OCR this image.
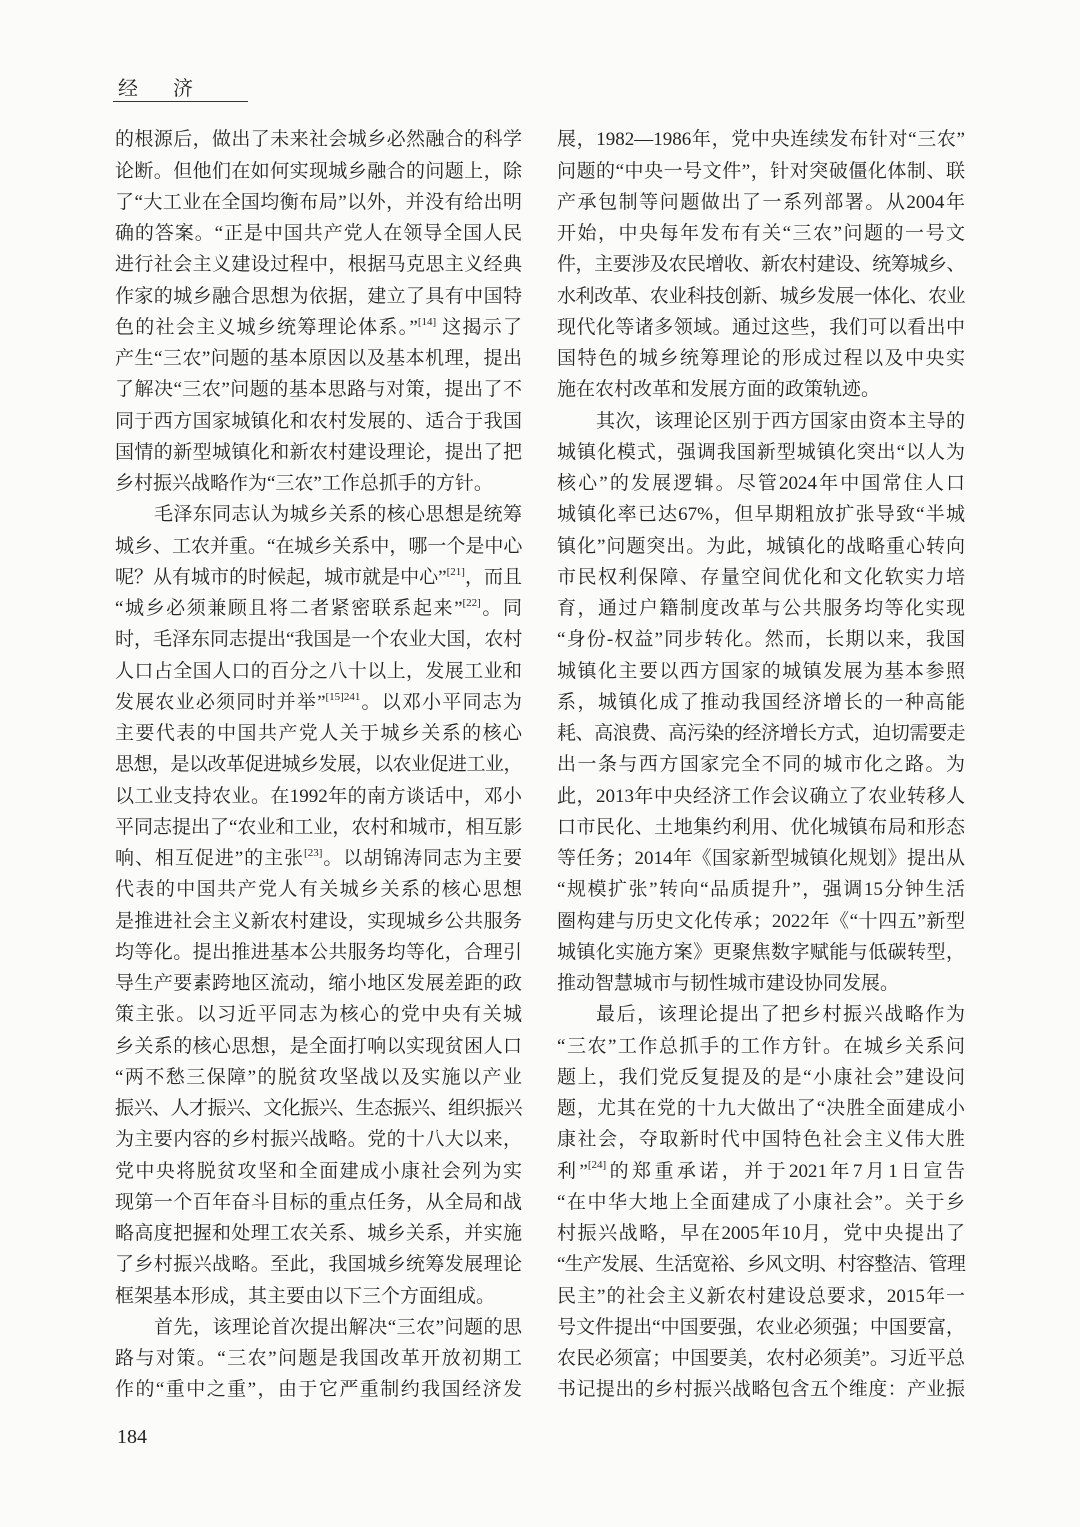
经 济
的根源后，做出了未来社会城乡必然融合的科学
论断。但他们在如何实现城乡融合的问题上，除
了“大工业在全国均衡布局”以外，并没有给出明
确的答案。“正是中国共产党人在领导全国人民
进行社会主义建设过程中，根据马克思主义经典
作家的城乡融合思想为依据，建立了具有中国特
色的社会主义城乡统筹理论体系。”[14] 这揭示了
产生“三农”问题的基本原因以及基本机理，提出
了解决“三农”问题的基本思路与对策，提出了不
同于西方国家城镇化和农村发展的、适合于我国
国情的新型城镇化和新农村建设理论，提出了把
乡村振兴战略作为“三农”工作总抓手的方针。
毛泽东同志认为城乡关系的核心思想是统筹
城乡、工农并重。“在城乡关系中，哪一个是中心
呢？从有城市的时候起，城市就是中心”[21]，而且
“城乡必须兼顾且将二者紧密联系起来”[22]。同
时，毛泽东同志提出“我国是一个农业大国，农村
人口占全国人口的百分之八十以上，发展工业和
发展农业必须同时并举”$^{[15]241}$。以邓小平同志为
主要代表的中国共产党人关于城乡关系的核心
思想，是以改革促进城乡发展，以农业促进工业，
以工业支持农业。在1992年的南方谈话中，邓小
平同志提出了“农业和工业，农村和城市，相互影
响、相互促进”的主张[23]。以胡锦涛同志为主要
代表的中国共产党人有关城乡关系的核心思想
是推进社会主义新农村建设，实现城乡公共服务
均等化。提出推进基本公共服务均等化，合理引
导生产要素跨地区流动，缩小地区发展差距的政
策主张。以习近平同志为核心的党中央有关城
乡关系的核心思想，是全面打响以实现贫困人口
“两不愁三保障”的脱贫攻坚战以及实施以产业
振兴、人才振兴、文化振兴、生态振兴、组织振兴
为主要内容的乡村振兴战略。党的十八大以来，
党中央将脱贫攻坚和全面建成小康社会列为实
现第一个百年奋斗目标的重点任务，从全局和战
略高度把握和处理工农关系、城乡关系，并实施
了乡村振兴战略。至此，我国城乡统筹发展理论
框架基本形成，其主要由以下三个方面组成。
首先，该理论首次提出解决“三农”问题的思
路与对策。“三农”问题是我国改革开放初期工
作的“重中之重”，由于它严重制约我国经济发
展，1982—1986年，党中央连续发布针对“三农”
问题的“中央一号文件”，针对突破僵化体制、联
产承包制等问题做出了一系列部署。从2004年
开始，中央每年发布有关“三农”问题的一号文
件，主要涉及农民增收、新农村建设、统筹城乡、
水利改革、农业科技创新、城乡发展一体化、农业
现代化等诸多领域。通过这些，我们可以看出中
国特色的城乡统筹理论的形成过程以及中央实
施在农村改革和发展方面的政策轨迹。
其次，该理论区别于西方国家由资本主导的
城镇化模式，强调我国新型城镇化突出“以人为
核心”的发展逻辑。尽管2024年中国常住人口
城镇化率已达67%，但早期粗放扩张导致“半城
镇化”问题突出。为此，城镇化的战略重心转向
市民权利保障、存量空间优化和文化软实力培
育，通过户籍制度改革与公共服务均等化实现
“身份-权益”同步转化。然而，长期以来，我国
城镇化主要以西方国家的城镇发展为基本参照
系，城镇化成了推动我国经济增长的一种高能
耗、高浪费、高污染的经济增长方式，迫切需要走
出一条与西方国家完全不同的城市化之路。为
此，2013年中央经济工作会议确立了农业转移人
口市民化、土地集约利用、优化城镇布局和形态
等任务；2014年《国家新型城镇化规划》提出从
“规模扩张”转向“品质提升”，强调15分钟生活
圈构建与历史文化传承；2022年《“十四五”新型
城镇化实施方案》更聚焦数字赋能与低碳转型，
推动智慧城市与韧性城市建设协同发展。
最后，该理论提出了把乡村振兴战略作为
“三农”工作总抓手的工作方针。在城乡关系问
题上，我们党反复提及的是“小康社会”建设问
题，尤其在党的十九大做出了“决胜全面建成小
康社会，夺取新时代中国特色社会主义伟大胜
利”[24]的郑重承诺，并于2021年7月1日宣告
“在中华大地上全面建成了小康社会”。关于乡
村振兴战略，早在2005年10月，党中央提出了
“生产发展、生活宽裕、乡风文明、村容整洁、管理
民主”的社会主义新农村建设总要求，2015年一
号文件提出“中国要强，农业必须强；中国要富，
农民必须富；中国要美，农村必须美”。习近平总
书记提出的乡村振兴战略包含五个维度：产业振
184
